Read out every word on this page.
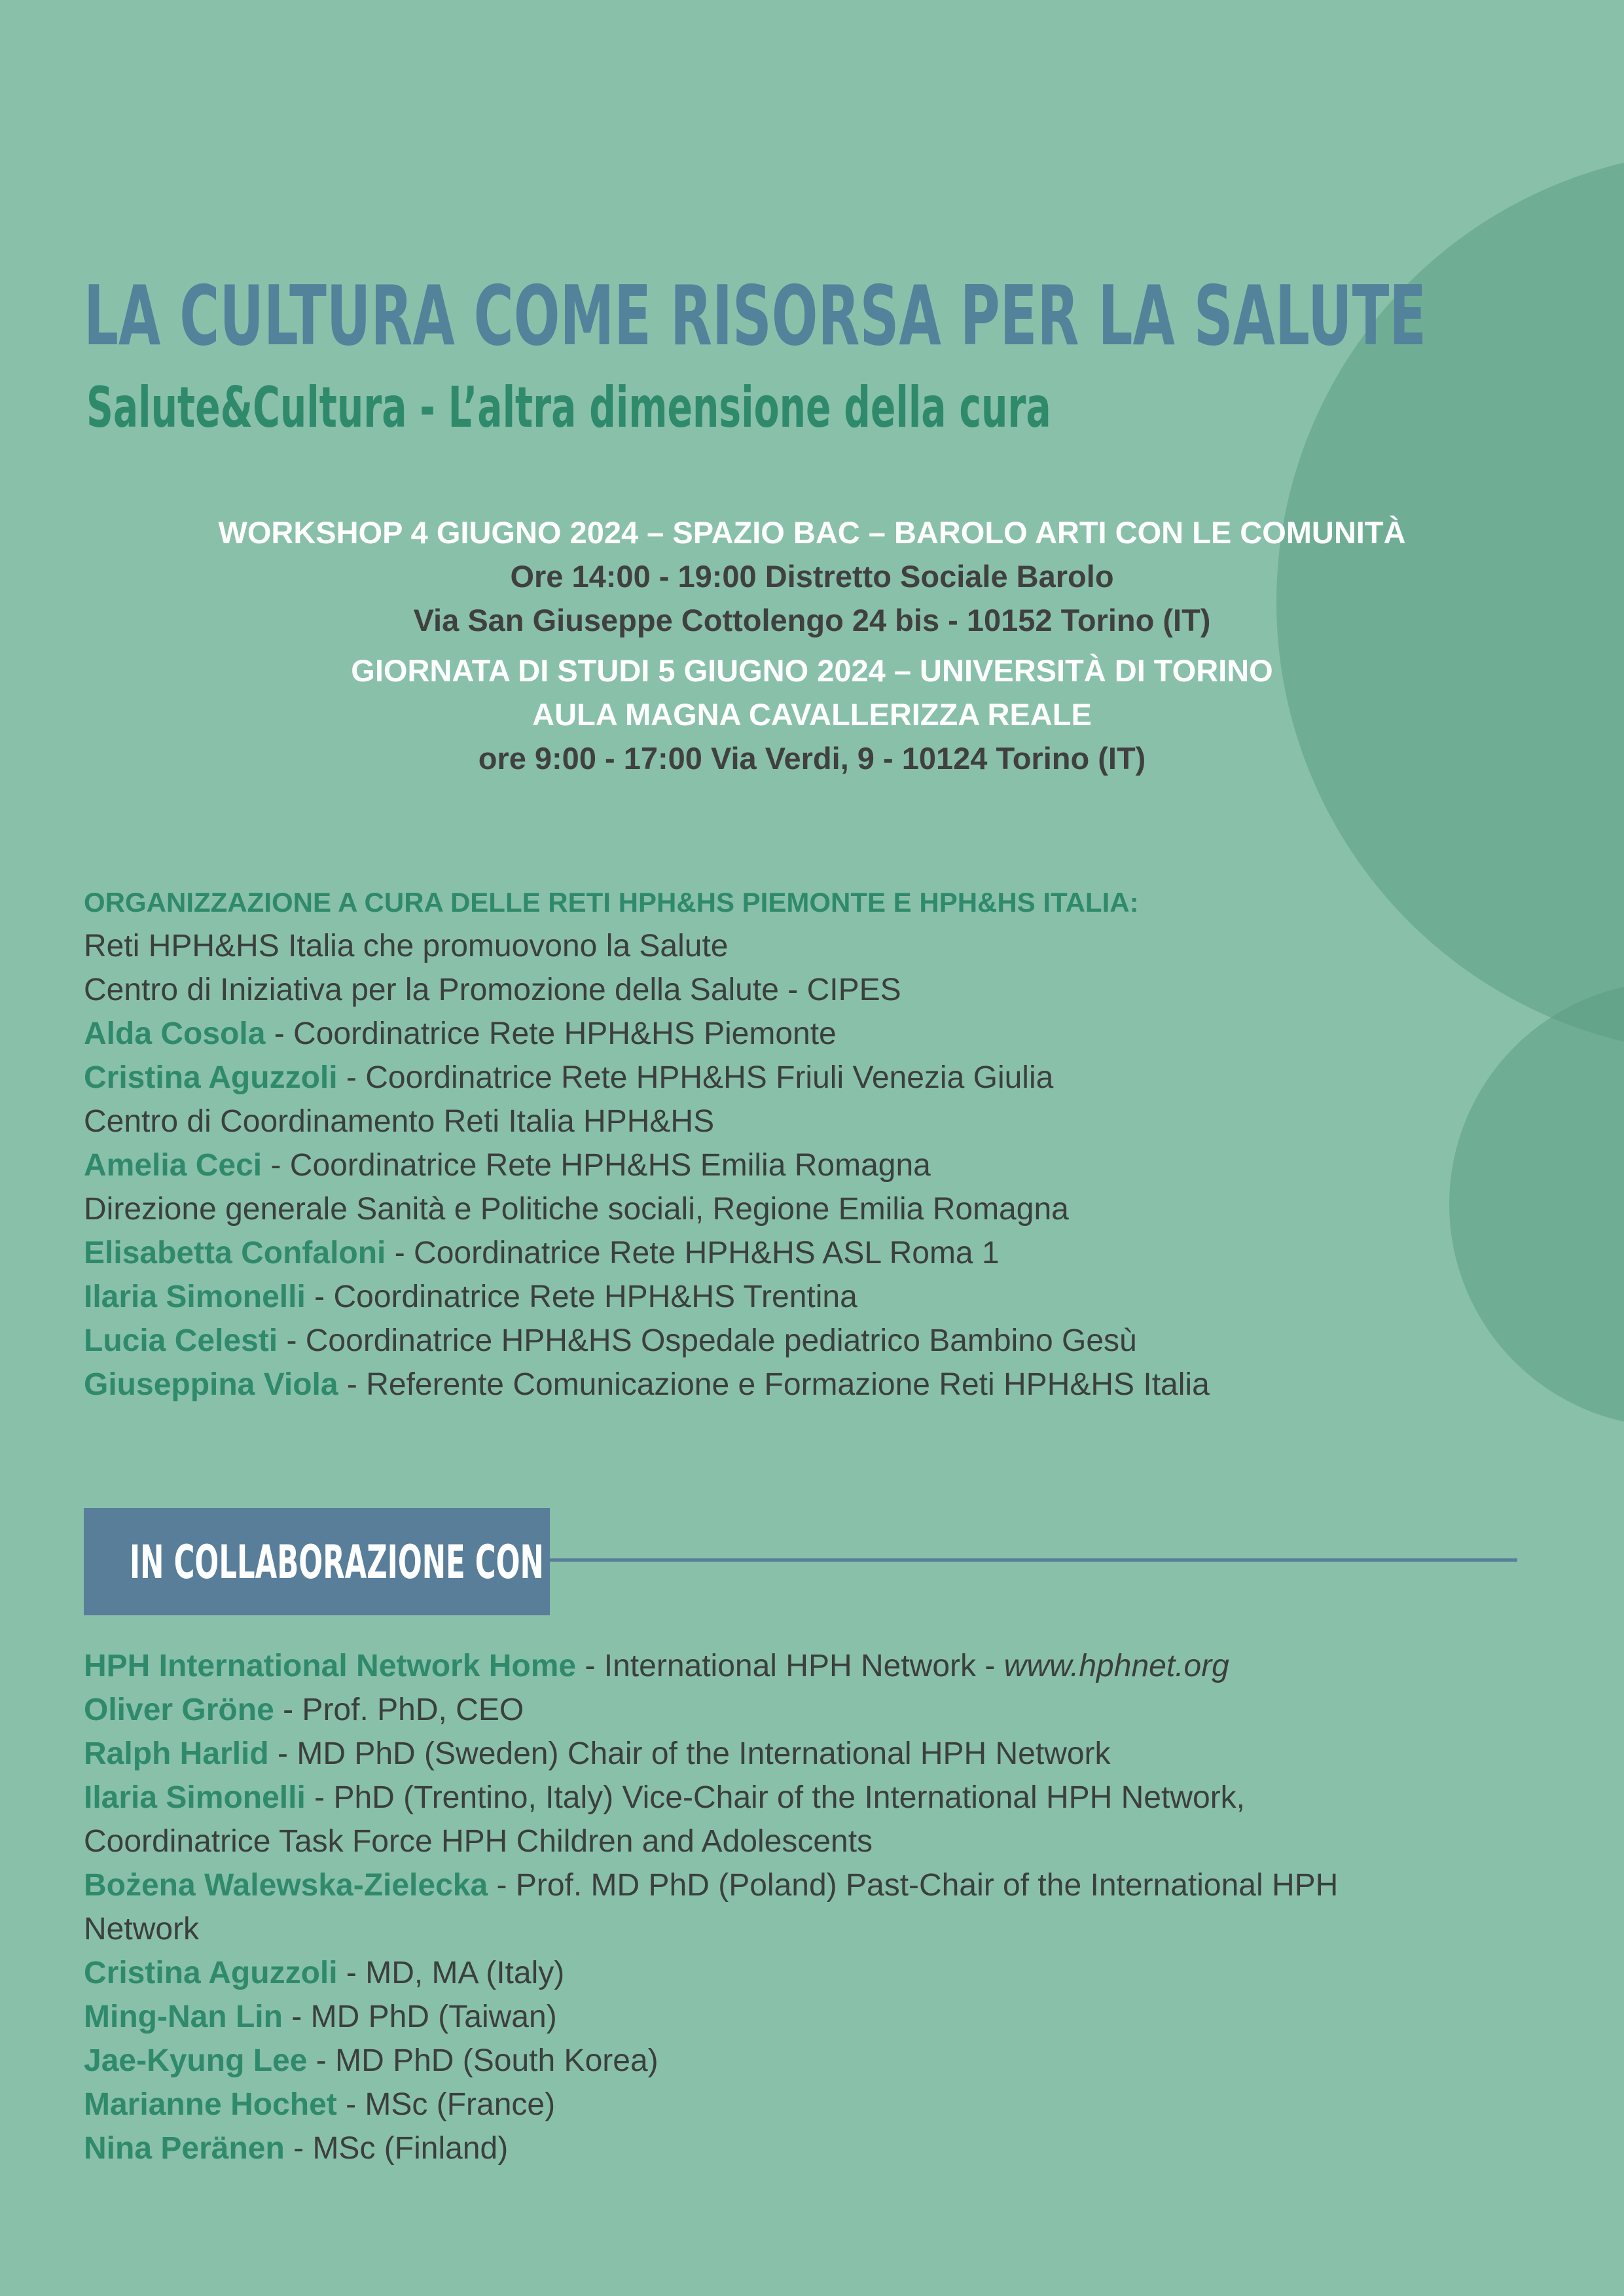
LA CULTURA COME RISORSA PER LA SALUTE
Salute&Cultura - L’altra dimensione della cura
WORKSHOP 4 GIUGNO 2024 – SPAZIO BAC – BAROLO ARTI CON LE COMUNITÀ
Ore 14:00 - 19:00 Distretto Sociale Barolo
Via San Giuseppe Cottolengo 24 bis - 10152 Torino (IT)
GIORNATA DI STUDI 5 GIUGNO 2024 – UNIVERSITÀ DI TORINO
AULA MAGNA CAVALLERIZZA REALE
ore 9:00 - 17:00 Via Verdi, 9 - 10124 Torino (IT)
ORGANIZZAZIONE A CURA DELLE RETI HPH&HS PIEMONTE E HPH&HS ITALIA:
Reti HPH&HS Italia che promuovono la Salute
Centro di Iniziativa per la Promozione della Salute - CIPES
Alda Cosola - Coordinatrice Rete HPH&HS Piemonte
Cristina Aguzzoli - Coordinatrice Rete HPH&HS Friuli Venezia Giulia
Centro di Coordinamento Reti Italia HPH&HS
Amelia Ceci - Coordinatrice Rete HPH&HS Emilia Romagna
Direzione generale Sanità e Politiche sociali, Regione Emilia Romagna
Elisabetta Confaloni - Coordinatrice Rete HPH&HS ASL Roma 1
Ilaria Simonelli - Coordinatrice Rete HPH&HS Trentina
Lucia Celesti - Coordinatrice HPH&HS Ospedale pediatrico Bambino Gesù
Giuseppina Viola - Referente Comunicazione e Formazione Reti HPH&HS Italia
IN COLLABORAZIONE CON
HPH International Network Home - International HPH Network - www.hphnet.org
Oliver Gröne - Prof. PhD, CEO
Ralph Harlid - MD PhD (Sweden) Chair of the International HPH Network
Ilaria Simonelli - PhD (Trentino, Italy) Vice-Chair of the International HPH Network,
Coordinatrice Task Force HPH Children and Adolescents
Bożena Walewska-Zielecka - Prof. MD PhD (Poland) Past-Chair of the International HPH
Network
Cristina Aguzzoli - MD, MA (Italy)
Ming-Nan Lin - MD PhD (Taiwan)
Jae-Kyung Lee - MD PhD (South Korea)
Marianne Hochet - MSc (France)
Nina Peränen - MSc (Finland)
